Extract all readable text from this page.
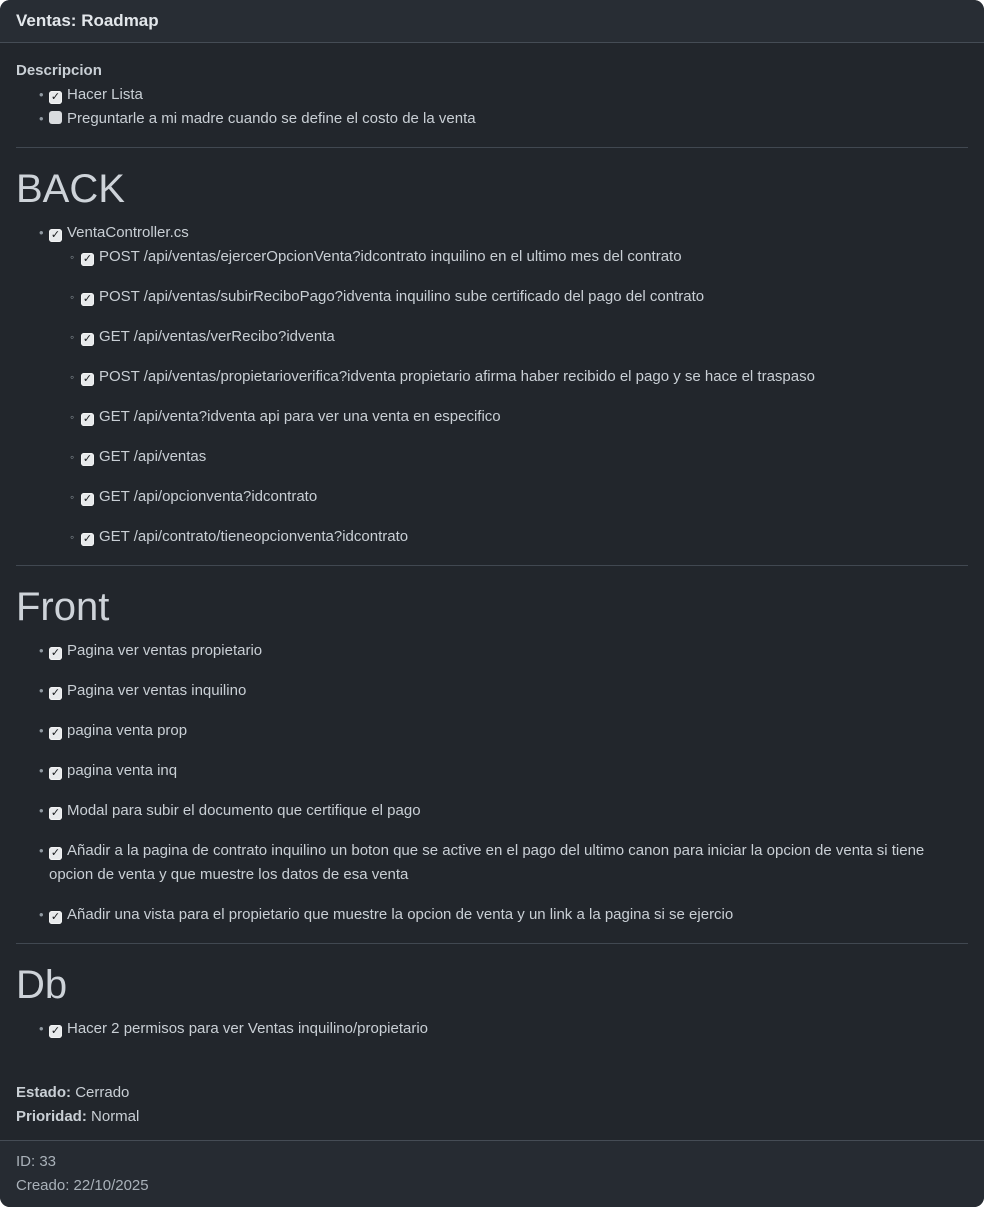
Ventas: Roadmap
Descripcion
• ✓ Hacer Lista
• Preguntarle a mi madre cuando se define el costo de la venta
BACK
• ✓ VentaController.cs
◦ ✓ POST /api/ventas/ejercerOpcionVenta?idcontrato inquilino en el ultimo mes del contrato
◦ ✓ POST /api/ventas/subirReciboPago?idventa inquilino sube certificado del pago del contrato
◦ ✓ GET /api/ventas/verRecibo?idventa
◦ ✓ POST /api/ventas/propietarioverifica?idventa propietario afirma haber recibido el pago y se hace el traspaso
◦ ✓ GET /api/venta?idventa api para ver una venta en especifico
◦ ✓ GET /api/ventas
◦ ✓ GET /api/opcionventa?idcontrato
◦ ✓ GET /api/contrato/tieneopcionventa?idcontrato
Front
• ✓ Pagina ver ventas propietario
• ✓ Pagina ver ventas inquilino
• ✓ pagina venta prop
• ✓ pagina venta inq
• ✓ Modal para subir el documento que certifique el pago
• ✓ Añadir a la pagina de contrato inquilino un boton que se active en el pago del ultimo canon para iniciar la opcion de venta si tiene opcion de venta y que muestre los datos de esa venta
• ✓ Añadir una vista para el propietario que muestre la opcion de venta y un link a la pagina si se ejercio
Db
• ✓ Hacer 2 permisos para ver Ventas inquilino/propietario
Estado: Cerrado
Prioridad: Normal
ID: 33
Creado: 22/10/2025
